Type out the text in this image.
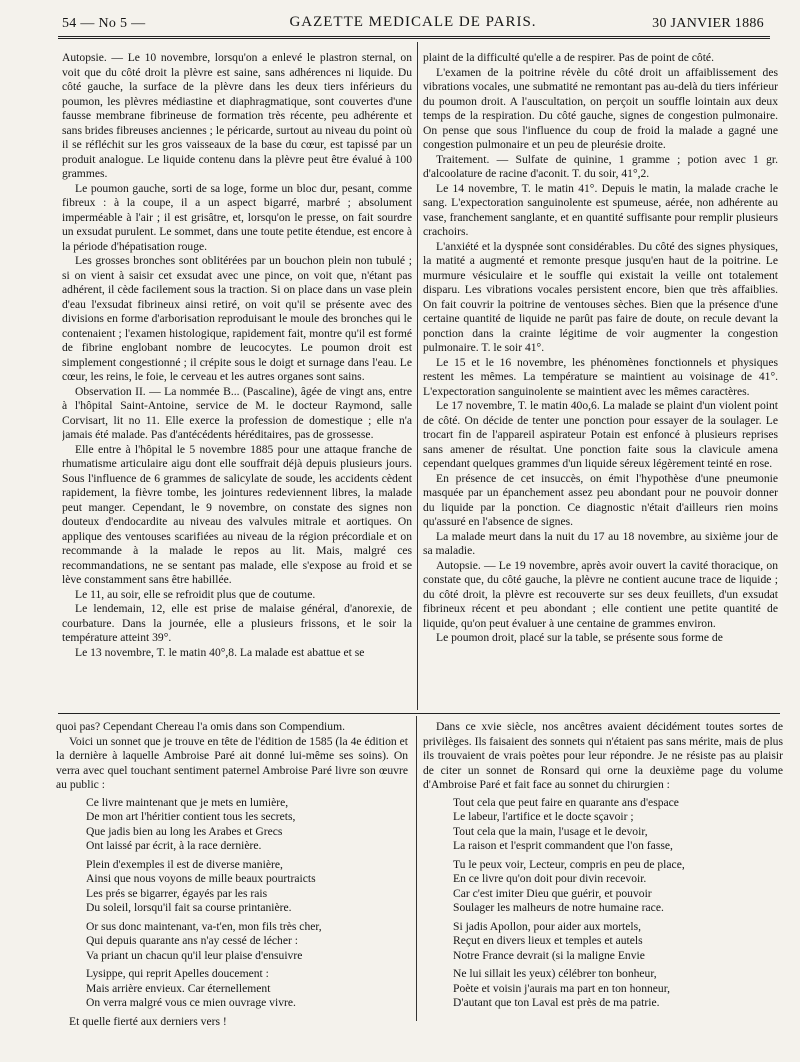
54 — No 5 —	GAZETTE MEDICALE DE PARIS.	30 JANVIER 1886

Autopsie. — Le 10 novembre, lorsqu'on a enlevé le plastron sternal, on voit que du côté droit la plèvre est saine, sans adhérences ni liquide. Du côté gauche, la surface de la plèvre dans les deux tiers inférieurs du poumon, les plèvres médiastine et diaphragmatique, sont couvertes d'une fausse membrane fibrineuse de formation très récente, peu adhérente et sans brides fibreuses anciennes ; le péricarde, surtout au niveau du point où il se réfléchit sur les gros vaisseaux de la base du cœur, est tapissé par un produit analogue. Le liquide contenu dans la plèvre peut être évalué à 100 grammes.

Le poumon gauche, sorti de sa loge, forme un bloc dur, pesant, comme fibreux : à la coupe, il a un aspect bigarré, marbré ; absolument imperméable à l'air ; il est grisâtre, et, lorsqu'on le presse, on fait sourdre un exsudat purulent. Le sommet, dans une toute petite étendue, est encore à la période d'hépatisation rouge.

Les grosses bronches sont oblitérées par un bouchon plein non tubulé ; si on vient à saisir cet exsudat avec une pince, on voit que, n'étant pas adhérent, il cède facilement sous la traction. Si on place dans un vase plein d'eau l'exsudat fibrineux ainsi retiré, on voit qu'il se présente avec des divisions en forme d'arborisation reproduisant le moule des bronches qui le contenaient ; l'examen histologique, rapidement fait, montre qu'il est formé de fibrine englobant nombre de leucocytes. Le poumon droit est simplement congestionné ; il crépite sous le doigt et surnage dans l'eau. Le cœur, les reins, le foie, le cerveau et les autres organes sont sains.

Observation II. — La nommée B... (Pascaline), âgée de vingt ans, entre à l'hôpital Saint-Antoine, service de M. le docteur Raymond, salle Corvisart, lit no 11. Elle exerce la profession de domestique ; elle n'a jamais été malade. Pas d'antécédents héréditaires, pas de grossesse.

Elle entre à l'hôpital le 5 novembre 1885 pour une attaque franche de rhumatisme articulaire aigu dont elle souffrait déjà depuis plusieurs jours. Sous l'influence de 6 grammes de salicylate de soude, les accidents cèdent rapidement, la fièvre tombe, les jointures redeviennent libres, la malade peut manger. Cependant, le 9 novembre, on constate des signes non douteux d'endocardite au niveau des valvules mitrale et aortiques. On applique des ventouses scarifiées au niveau de la région précordiale et on recommande à la malade le repos au lit. Mais, malgré ces recommandations, ne se sentant pas malade, elle s'expose au froid et se lève constamment sans être habillée.

Le 11, au soir, elle se refroidit plus que de coutume.

Le lendemain, 12, elle est prise de malaise général, d'anorexie, de courbature. Dans la journée, elle a plusieurs frissons, et le soir la température atteint 39°.

Le 13 novembre, T. le matin 40°,8. La malade est abattue et se

plaint de la difficulté qu'elle a de respirer. Pas de point de côté.

L'examen de la poitrine révèle du côté droit un affaiblissement des vibrations vocales, une submatité ne remontant pas au-delà du tiers inférieur du poumon droit. A l'auscultation, on perçoit un souffle lointain aux deux temps de la respiration. Du côté gauche, signes de congestion pulmonaire. On pense que sous l'influence du coup de froid la malade a gagné une congestion pulmonaire et un peu de pleurésie droite.

Traitement. — Sulfate de quinine, 1 gramme ; potion avec 1 gr. d'alcoolature de racine d'aconit. T. du soir, 41°,2.

Le 14 novembre, T. le matin 41°. Depuis le matin, la malade crache le sang. L'expectoration sanguinolente est spumeuse, aérée, non adhérente au vase, franchement sanglante, et en quantité suffisante pour remplir plusieurs crachoirs.

L'anxiété et la dyspnée sont considérables. Du côté des signes physiques, la matité a augmenté et remonte presque jusqu'en haut de la poitrine. Le murmure vésiculaire et le souffle qui existait la veille ont totalement disparu. Les vibrations vocales persistent encore, bien que très affaiblies. On fait couvrir la poitrine de ventouses sèches. Bien que la présence d'une certaine quantité de liquide ne parût pas faire de doute, on recule devant la ponction dans la crainte légitime de voir augmenter la congestion pulmonaire. T. le soir 41°.

Le 15 et le 16 novembre, les phénomènes fonctionnels et physiques restent les mêmes. La température se maintient au voisinage de 41°. L'expectoration sanguinolente se maintient avec les mêmes caractères.

Le 17 novembre, T. le matin 40o,6. La malade se plaint d'un violent point de côté. On décide de tenter une ponction pour essayer de la soulager. Le trocart fin de l'appareil aspirateur Potain est enfoncé à plusieurs reprises sans amener de résultat. Une ponction faite sous la clavicule amena cependant quelques grammes d'un liquide séreux légèrement teinté en rose.

En présence de cet insuccès, on émit l'hypothèse d'une pneumonie masquée par un épanchement assez peu abondant pour ne pouvoir donner du liquide par la ponction. Ce diagnostic n'était d'ailleurs rien moins qu'assuré en l'absence de signes.

La malade meurt dans la nuit du 17 au 18 novembre, au sixième jour de sa maladie.

Autopsie. — Le 19 novembre, après avoir ouvert la cavité thoracique, on constate que, du côté gauche, la plèvre ne contient aucune trace de liquide ; du côté droit, la plèvre est recouverte sur ses deux feuillets, d'un exsudat fibrineux récent et peu abondant ; elle contient une petite quantité de liquide, qu'on peut évaluer à une centaine de grammes environ.

Le poumon droit, placé sur la table, se présente sous forme de

quoi pas? Cependant Chereau l'a omis dans son Compendium.

Voici un sonnet que je trouve en tête de l'édition de 1585 (la 4e édition et la dernière à laquelle Ambroise Paré ait donné lui-même ses soins). On verra avec quel touchant sentiment paternel Ambroise Paré livre son œuvre au public :

Ce livre maintenant que je mets en lumière,
De mon art l'héritier contient tous les secrets,
Que jadis bien au long les Arabes et Grecs
Ont laissé par écrit, à la race dernière.
Plein d'exemples il est de diverse manière,
Ainsi que nous voyons de mille beaux pourtraicts
Les prés se bigarrer, égayés par les rais
Du soleil, lorsqu'il fait sa course printanière.
Or sus donc maintenant, va-t'en, mon fils très cher,
Qui depuis quarante ans n'ay cessé de lécher :
Va priant un chacun qu'il leur plaise d'ensuivre
Lysippe, qui reprit Apelles doucement :
Mais arrière envieux. Car éternellement
On verra malgré vous ce mien ouvrage vivre.

Et quelle fierté aux derniers vers !

Dans ce xvie siècle, nos ancêtres avaient décidément toutes sortes de privilèges. Ils faisaient des sonnets qui n'étaient pas sans mérite, mais de plus ils trouvaient de vrais poètes pour leur répondre. Je ne résiste pas au plaisir de citer un sonnet de Ronsard qui orne la deuxième page du volume d'Ambroise Paré et fait face au sonnet du chirurgien :

Tout cela que peut faire en quarante ans d'espace
Le labeur, l'artifice et le docte sçavoir ;
Tout cela que la main, l'usage et le devoir,
La raison et l'esprit commandent que l'on fasse,
Tu le peux voir, Lecteur, compris en peu de place,
En ce livre qu'on doit pour divin recevoir.
Car c'est imiter Dieu que guérir, et pouvoir
Soulager les malheurs de notre humaine race.
Si jadis Apollon, pour aider aux mortels,
Reçut en divers lieux et temples et autels
Notre France devrait (si la maligne Envie
Ne lui sillait les yeux) célébrer ton bonheur,
Poète et voisin j'aurais ma part en ton honneur,
D'autant que ton Laval est près de ma patrie.
